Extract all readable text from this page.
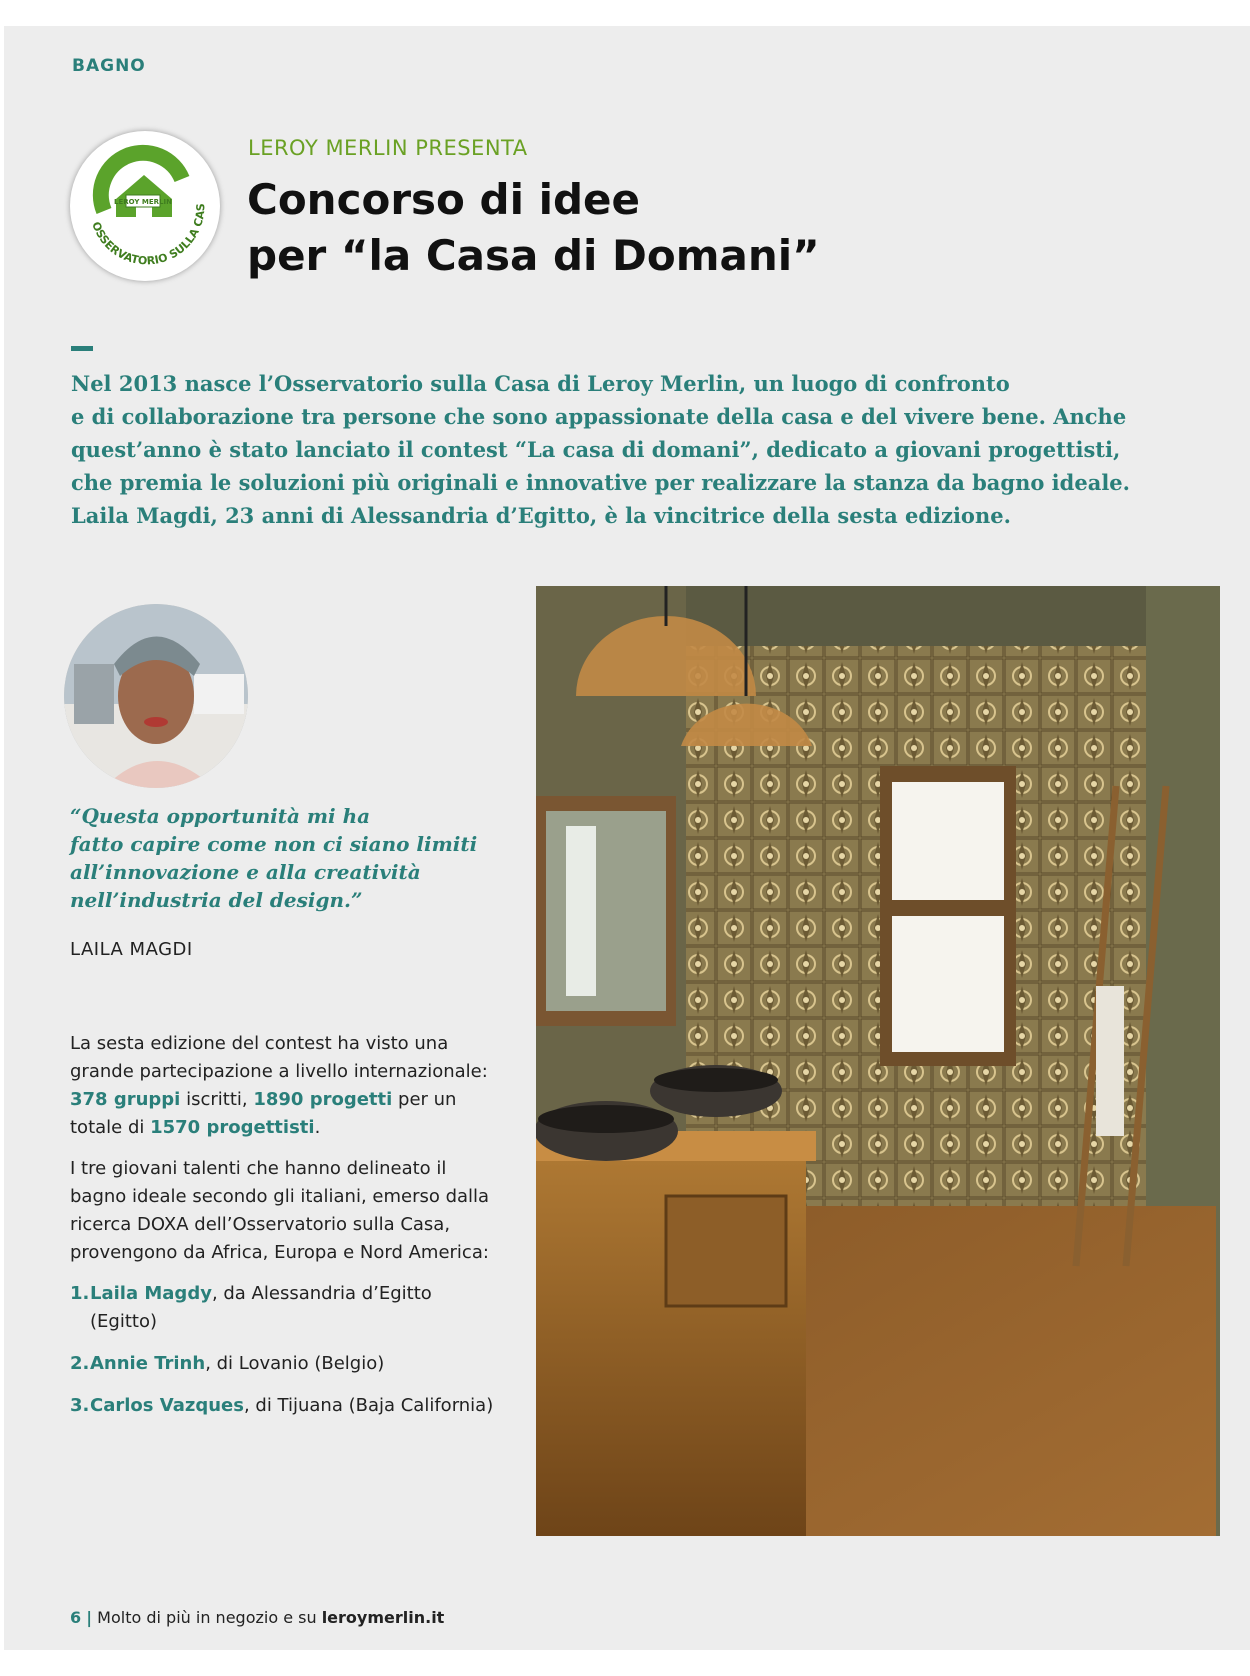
BAGNO
LEROY MERLIN
OSSERVATORIO SULLA CAS
LEROY MERLIN PRESENTA
Concorso di idee
per “la Casa di Domani”

Nel 2013 nasce l’Osservatorio sulla Casa di Leroy Merlin, un luogo di confronto
e di collaborazione tra persone che sono appassionate della casa e del vivere bene. Anche
quest’anno è stato lanciato il contest “La casa di domani”, dedicato a giovani progettisti,
che premia le soluzioni più originali e innovative per realizzare la stanza da bagno ideale.
Laila Magdi, 23 anni di Alessandria d’Egitto, è la vincitrice della sesta edizione.

“Questa opportunità mi ha
fatto capire come non ci siano limiti
all’innovazione e alla creatività
nell’industria del design.”

LAILA MAGDI

La sesta edizione del contest ha visto una grande partecipazione a livello internazionale: 378 gruppi iscritti, 1890 progetti per un totale di 1570 progettisti.

I tre giovani talenti che hanno delineato il bagno ideale secondo gli italiani, emerso dalla ricerca DOXA dell’Osservatorio sulla Casa, provengono da Africa, Europa e Nord America:

1. Laila Magdy, da Alessandria d’Egitto (Egitto)
2. Annie Trinh, di Lovanio (Belgio)
3. Carlos Vazques, di Tijuana (Baja California)
6 | Molto di più in negozio e su leroymerlin.it
